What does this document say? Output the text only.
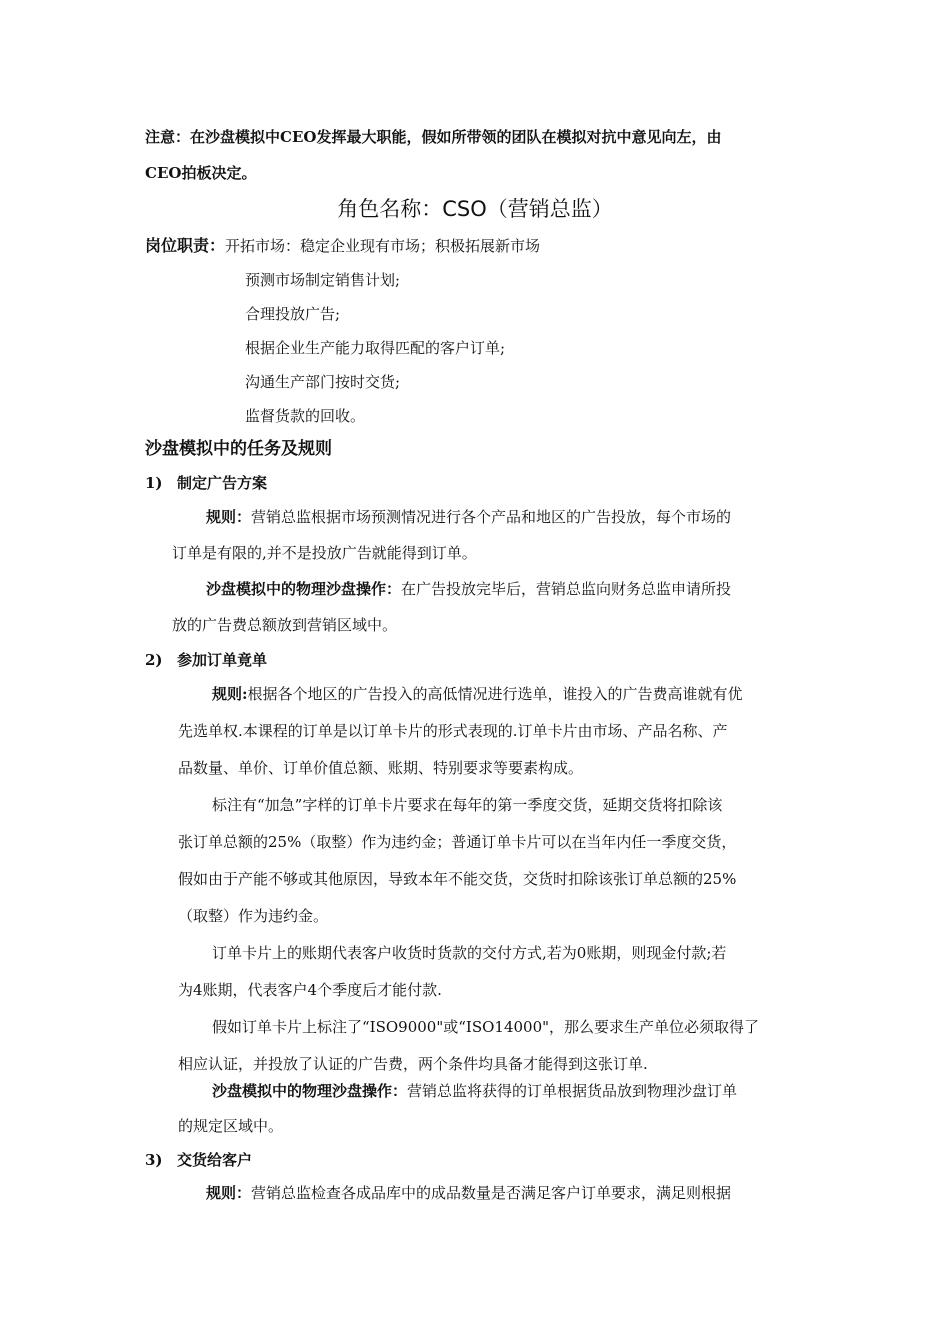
注意：在沙盘模拟中CEO发挥最大职能，假如所带领的团队在模拟对抗中意见向左，由
CEO拍板决定。
角色名称：CSO（营销总监）
岗位职责：开拓市场：稳定企业现有市场；积极拓展新市场
预测市场制定销售计划;
合理投放广告;
根据企业生产能力取得匹配的客户订单;
沟通生产部门按时交货;
监督货款的回收。
沙盘模拟中的任务及规则
1) 制定广告方案
规则：营销总监根据市场预测情况进行各个产品和地区的广告投放，每个市场的
订单是有限的,并不是投放广告就能得到订单。
沙盘模拟中的物理沙盘操作：在广告投放完毕后，营销总监向财务总监申请所投
放的广告费总额放到营销区域中。
2) 参加订单竟单
规则:根据各个地区的广告投入的高低情况进行选单，谁投入的广告费高谁就有优
先选单权.本课程的订单是以订单卡片的形式表现的.订单卡片由市场、产品名称、产
品数量、单价、订单价值总额、账期、特别要求等要素构成。
标注有“加急”字样的订单卡片要求在每年的第一季度交货，延期交货将扣除该
张订单总额的25%（取整）作为违约金；普通订单卡片可以在当年内任一季度交货，
假如由于产能不够或其他原因，导致本年不能交货，交货时扣除该张订单总额的25%
（取整）作为违约金。
订单卡片上的账期代表客户收货时货款的交付方式,若为0账期，则现金付款;若
为4账期，代表客户4个季度后才能付款.
假如订单卡片上标注了“ISO9000"或“ISO14000"，那么要求生产单位必须取得了
相应认证，并投放了认证的广告费，两个条件均具备才能得到这张订单.
沙盘模拟中的物理沙盘操作：营销总监将获得的订单根据货品放到物理沙盘订单
的规定区域中。
3) 交货给客户
规则：营销总监检查各成品库中的成品数量是否满足客户订单要求，满足则根据
